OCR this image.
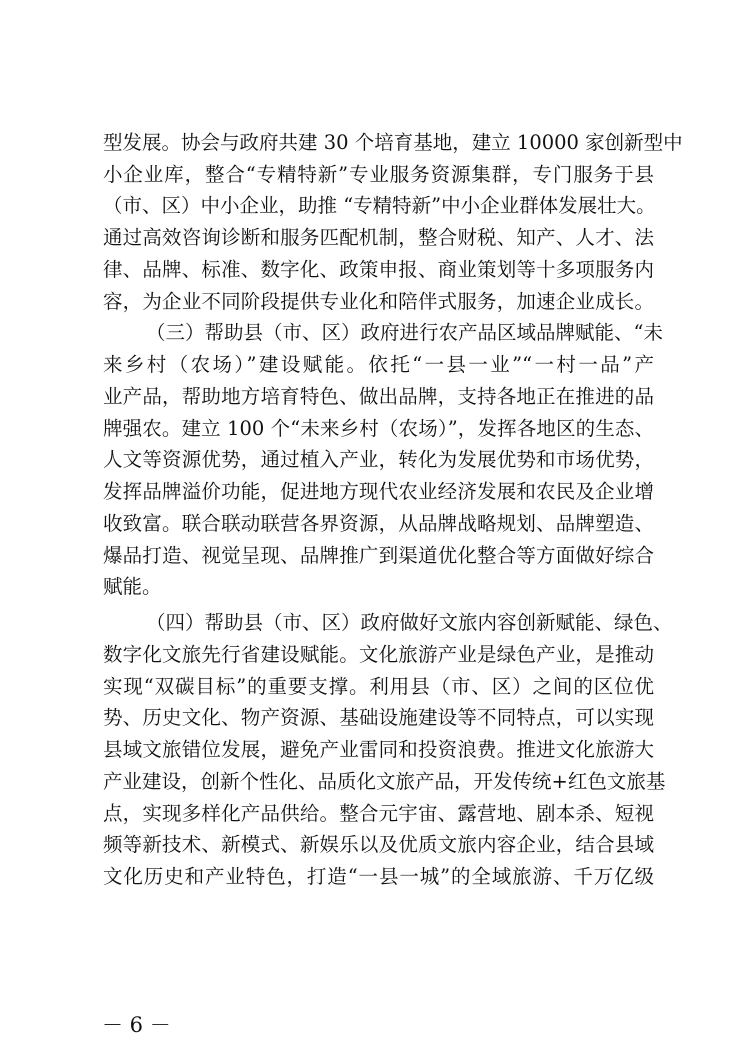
型发展。协会与政府共建 30 个培育基地，建立 10000 家创新型中
小企业库，整合“专精特新”专业服务资源集群，专门服务于县
（市、区）中小企业，助推 “专精特新”中小企业群体发展壮大。
通过高效咨询诊断和服务匹配机制，整合财税、知产、人才、法
律、品牌、标准、数字化、政策申报、商业策划等十多项服务内
容，为企业不同阶段提供专业化和陪伴式服务，加速企业成长。
（三）帮助县（市、区）政府进行农产品区域品牌赋能、“未
来乡村（农场）”建设赋能。依托“一县一业”“一村一品”产
业产品，帮助地方培育特色、做出品牌，支持各地正在推进的品
牌强农。建立 100 个“未来乡村（农场）”，发挥各地区的生态、
人文等资源优势，通过植入产业，转化为发展优势和市场优势，
发挥品牌溢价功能，促进地方现代农业经济发展和农民及企业增
收致富。联合联动联营各界资源，从品牌战略规划、品牌塑造、
爆品打造、视觉呈现、品牌推广到渠道优化整合等方面做好综合
赋能。
（四）帮助县（市、区）政府做好文旅内容创新赋能、绿色、
数字化文旅先行省建设赋能。文化旅游产业是绿色产业，是推动
实现“双碳目标”的重要支撑。利用县（市、区）之间的区位优
势、历史文化、物产资源、基础设施建设等不同特点，可以实现
县域文旅错位发展，避免产业雷同和投资浪费。推进文化旅游大
产业建设，创新个性化、品质化文旅产品，开发传统+红色文旅基
点，实现多样化产品供给。整合元宇宙、露营地、剧本杀、短视
频等新技术、新模式、新娱乐以及优质文旅内容企业，结合县域
文化历史和产业特色，打造“一县一城”的全域旅游、千万亿级
－ 6 －
